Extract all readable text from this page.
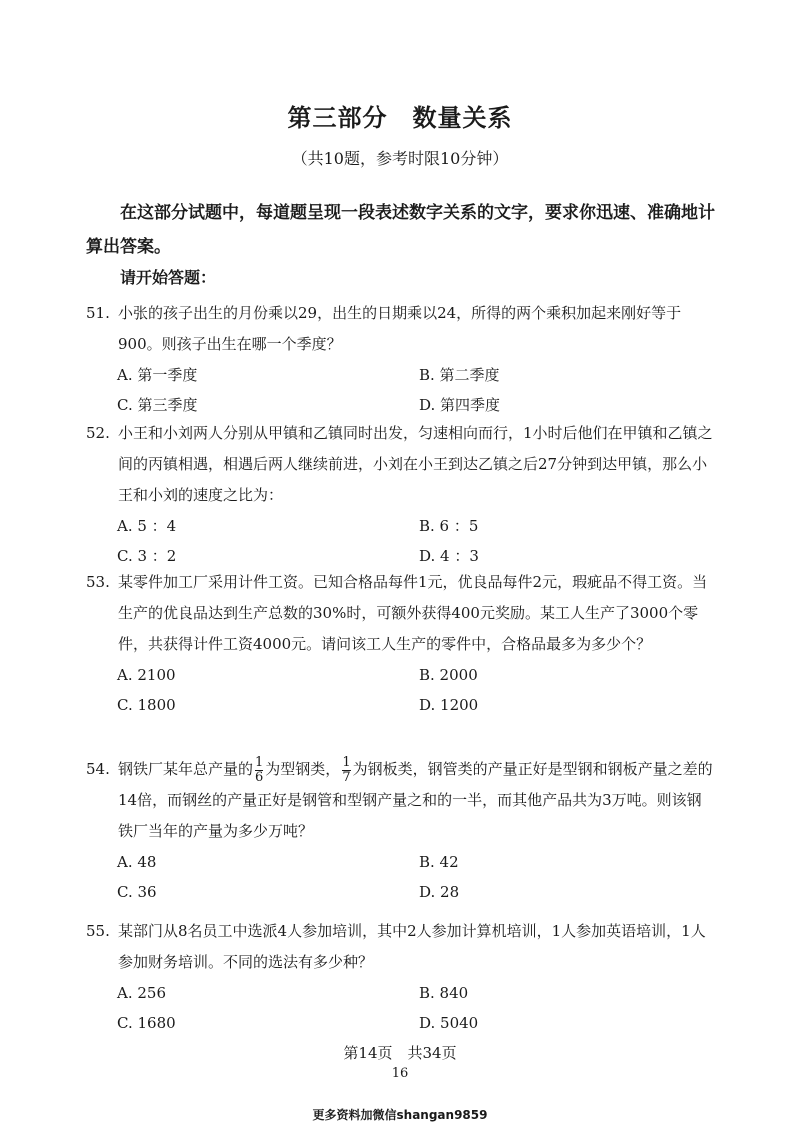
第三部分　数量关系
（共10题，参考时限10分钟）
在这部分试题中，每道题呈现一段表述数字关系的文字，要求你迅速、准确地计算出答案。
请开始答题：
51. 小张的孩子出生的月份乘以29，出生的日期乘以24，所得的两个乘积加起来刚好等于900。则孩子出生在哪一个季度？
A. 第一季度	B. 第二季度
C. 第三季度	D. 第四季度
52. 小王和小刘两人分别从甲镇和乙镇同时出发，匀速相向而行，1小时后他们在甲镇和乙镇之间的丙镇相遇，相遇后两人继续前进，小刘在小王到达乙镇之后27分钟到达甲镇，那么小王和小刘的速度之比为：
A. 5 ：4	B. 6 ：5
C. 3 ：2	D. 4 ：3
53. 某零件加工厂采用计件工资。已知合格品每件1元，优良品每件2元，瑕疵品不得工资。当生产的优良品达到生产总数的30%时，可额外获得400元奖励。某工人生产了3000个零件，共获得计件工资4000元。请问该工人生产的零件中，合格品最多为多少个？
A. 2100	B. 2000
C. 1800	D. 1200
54. 钢铁厂某年总产量的 $\frac{1}{6}$ 为型钢类， $\frac{1}{7}$ 为钢板类，钢管类的产量正好是型钢和钢板产量之差的14倍，而钢丝的产量正好是钢管和型钢产量之和的一半，而其他产品共为3万吨。则该钢铁厂当年的产量为多少万吨？
A. 48	B. 42
C. 36	D. 28
55. 某部门从8名员工中选派4人参加培训，其中2人参加计算机培训，1人参加英语培训，1人参加财务培训。不同的选法有多少种？
A. 256	B. 840
C. 1680	D. 5040
第14页　共34页
16
更多资料加微信shangan9859
